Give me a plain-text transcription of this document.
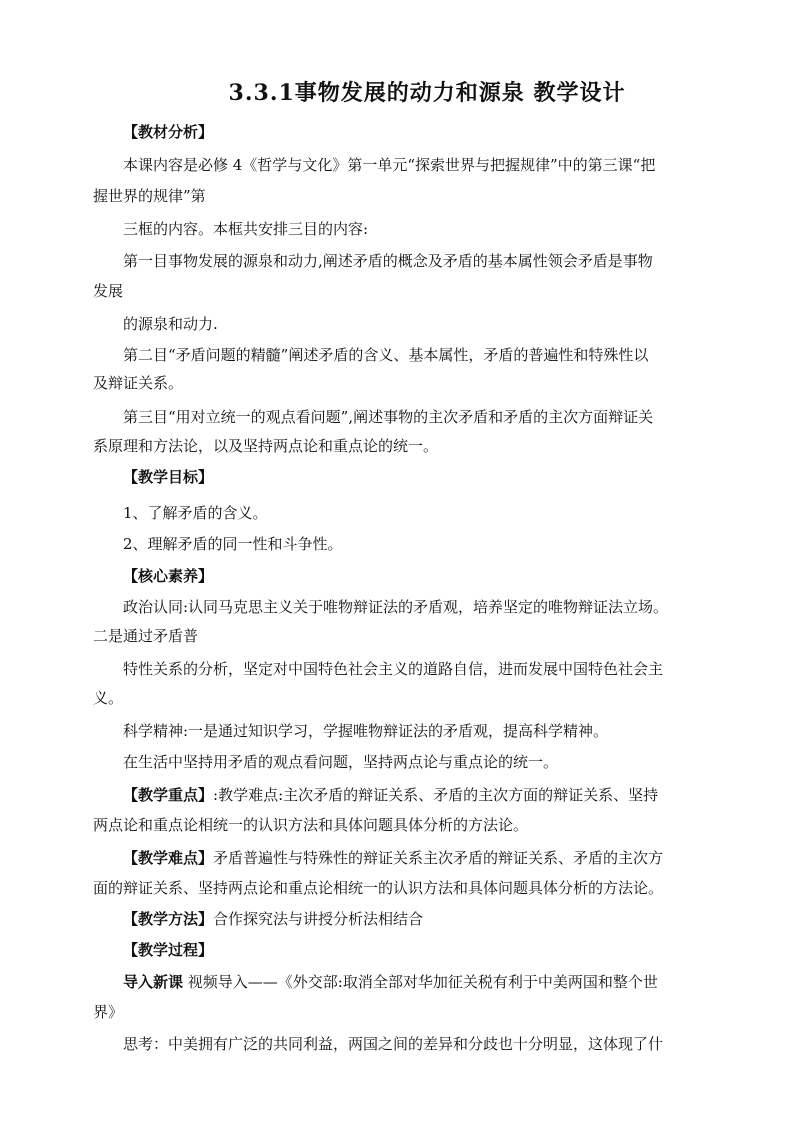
3.3.1事物发展的动力和源泉 教学设计
【教材分析】
本课内容是必修 4《哲学与文化》第一单元“探索世界与把握规律”中的第三课“把
握世界的规律”第
三框的内容。本框共安排三目的内容:
第一目事物发展的源泉和动力,阐述矛盾的概念及矛盾的基本属性领会矛盾是事物
发展
的源泉和动力.
第二目“矛盾问题的精髓”阐述矛盾的含义、基本属性，矛盾的普遍性和特殊性以
及辩证关系。
第三目“用对立统一的观点看问题”,阐述事物的主次矛盾和矛盾的主次方面辩证关
系原理和方法论，以及坚持两点论和重点论的统一。
【教学目标】
1、了解矛盾的含义。
2、理解矛盾的同一性和斗争性。
【核心素养】
政治认同:认同马克思主义关于唯物辩证法的矛盾观，培养坚定的唯物辩证法立场。
二是通过矛盾普
特性关系的分析，坚定对中国特色社会主义的道路自信，进而发展中国特色社会主
义。
科学精神:一是通过知识学习，学握唯物辩证法的矛盾观，提高科学精神。
在生活中坚持用矛盾的观点看问题，坚持两点论与重点论的统一。
【教学重点】:教学难点:主次矛盾的辩证关系、矛盾的主次方面的辩证关系、坚持
两点论和重点论相统一的认识方法和具体问题具体分析的方法论。
【教学难点】矛盾普遍性与特殊性的辩证关系主次矛盾的辩证关系、矛盾的主次方
面的辩证关系、坚持两点论和重点论相统一的认识方法和具体问题具体分析的方法论。
【教学方法】合作探究法与讲授分析法相结合
【教学过程】
导入新课 视频导入——《外交部:取消全部对华加征关税有利于中美两国和整个世
界》
思考：中美拥有广泛的共同利益，两国之间的差异和分歧也十分明显，这体现了什
